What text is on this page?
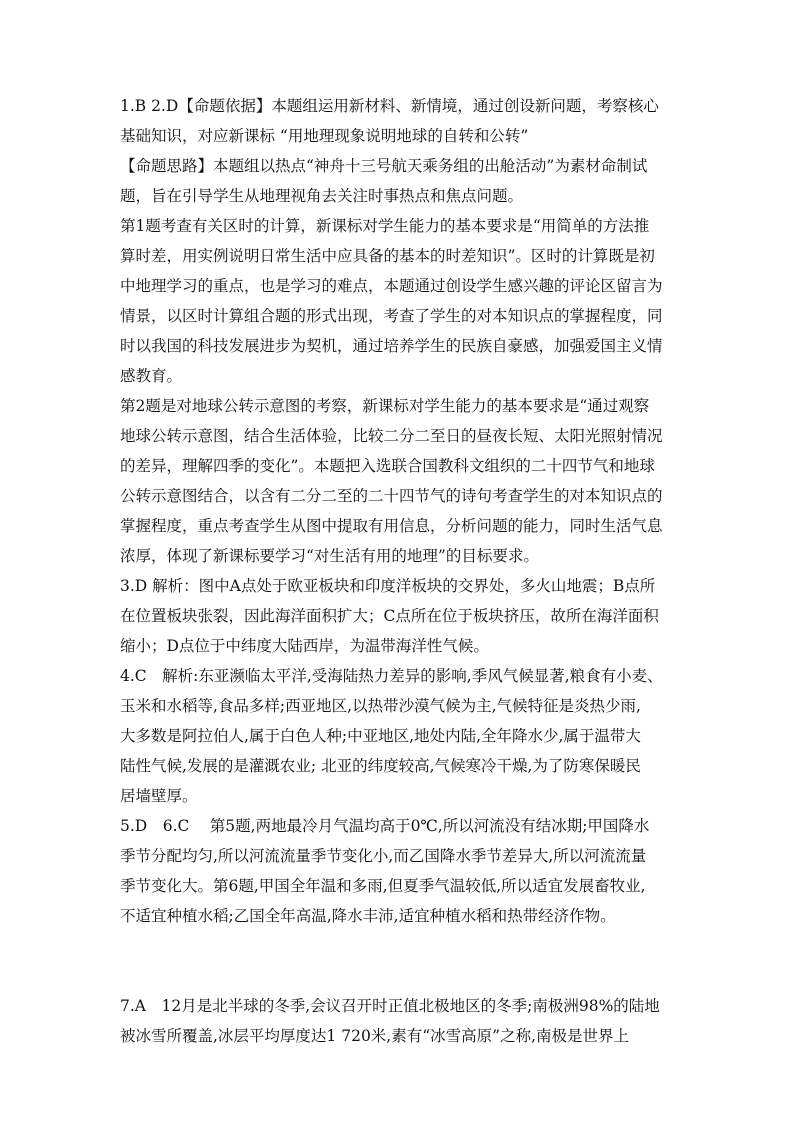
1.B 2.D【命题依据】本题组运用新材料、新情境，通过创设新问题，考察核心
基础知识，对应新课标 “用地理现象说明地球的自转和公转”
【命题思路】本题组以热点“神舟十三号航天乘务组的出舱活动”为素材命制试
题，旨在引导学生从地理视角去关注时事热点和焦点问题。
第1题考查有关区时的计算，新课标对学生能力的基本要求是“用简单的方法推
算时差，用实例说明日常生活中应具备的基本的时差知识”。区时的计算既是初
中地理学习的重点，也是学习的难点，本题通过创设学生感兴趣的评论区留言为
情景，以区时计算组合题的形式出现，考查了学生的对本知识点的掌握程度，同
时以我国的科技发展进步为契机，通过培养学生的民族自豪感，加强爱国主义情
感教育。
第2题是对地球公转示意图的考察，新课标对学生能力的基本要求是“通过观察
地球公转示意图，结合生活体验，比较二分二至日的昼夜长短、太阳光照射情况
的差异，理解四季的变化”。本题把入选联合国教科文组织的二十四节气和地球
公转示意图结合，以含有二分二至的二十四节气的诗句考查学生的对本知识点的
掌握程度，重点考查学生从图中提取有用信息，分析问题的能力，同时生活气息
浓厚，体现了新课标要学习“对生活有用的地理”的目标要求。
3.D 解析：图中A点处于欧亚板块和印度洋板块的交界处，多火山地震；B点所
在位置板块张裂，因此海洋面积扩大；C点所在位于板块挤压，故所在海洋面积
缩小；D点位于中纬度大陆西岸，为温带海洋性气候。
4.C　解析:东亚濒临太平洋,受海陆热力差异的影响,季风气候显著,粮食有小麦、
玉米和水稻等,食品多样;西亚地区,以热带沙漠气候为主,气候特征是炎热少雨,
大多数是阿拉伯人,属于白色人种;中亚地区,地处内陆,全年降水少,属于温带大
陆性气候,发展的是灌溉农业; 北亚的纬度较高,气候寒冷干燥,为了防寒保暖民
居墙壁厚。
5.D　6.C　 第5题,两地最冷月气温均高于0℃,所以河流没有结冰期;甲国降水
季节分配均匀,所以河流流量季节变化小,而乙国降水季节差异大,所以河流流量
季节变化大。第6题,甲国全年温和多雨,但夏季气温较低,所以适宜发展畜牧业,
不适宜种植水稻;乙国全年高温,降水丰沛,适宜种植水稻和热带经济作物。
7.A　12月是北半球的冬季,会议召开时正值北极地区的冬季;南极洲98%的陆地
被冰雪所覆盖,冰层平均厚度达1 720米,素有“冰雪高原”之称,南极是世界上
